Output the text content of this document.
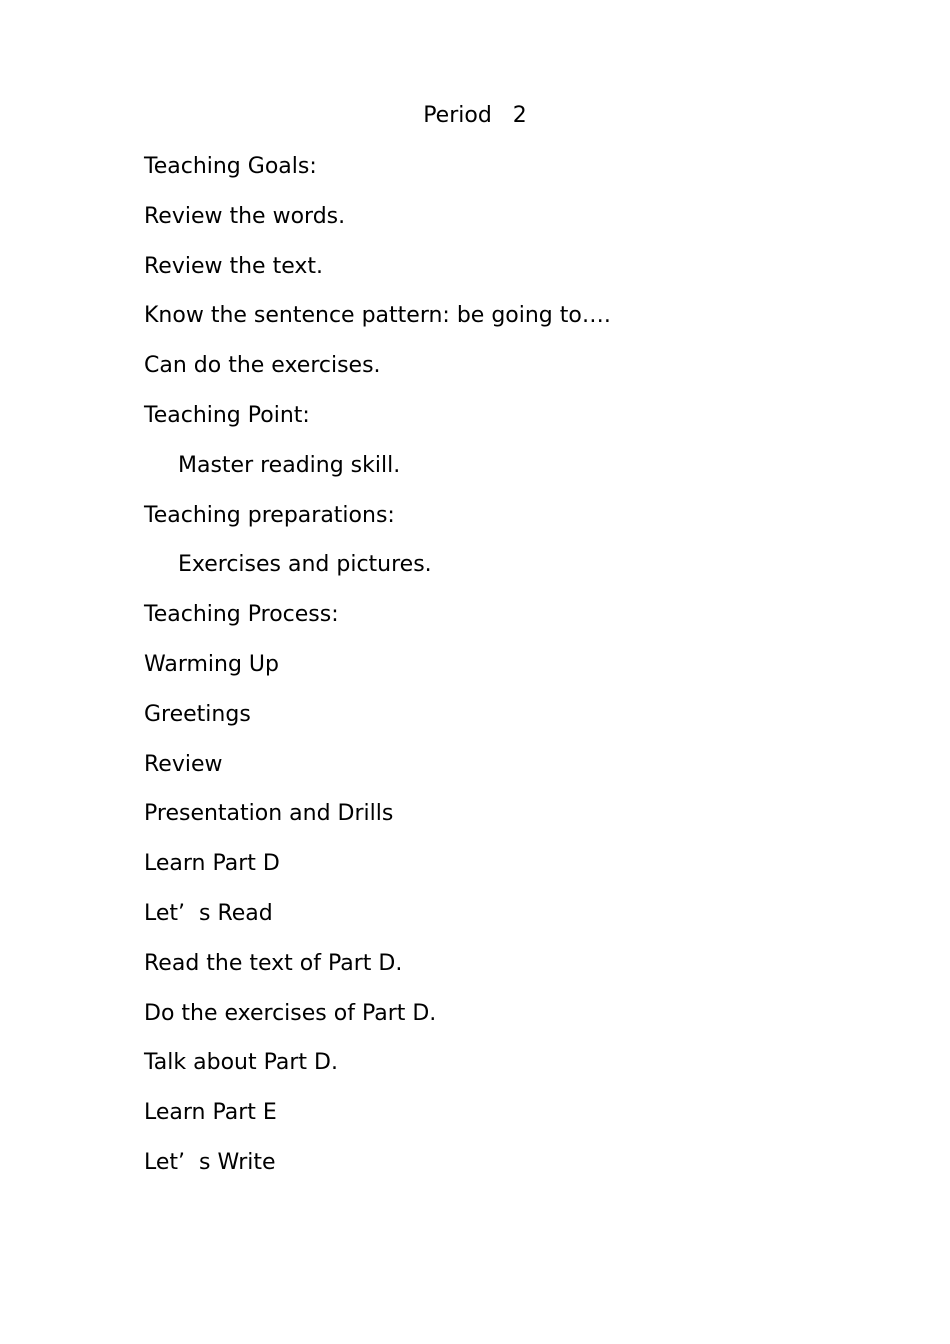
Period   2
Teaching Goals:
Review the words.
Review the text.
Know the sentence pattern: be going to….
Can do the exercises.
Teaching Point:
Master reading skill.
Teaching preparations:
Exercises and pictures.
Teaching Process:
Warming Up
Greetings
Review
Presentation and Drills
Learn Part D
Let’  s Read
Read the text of Part D.
Do the exercises of Part D.
Talk about Part D.
Learn Part E
Let’  s Write
